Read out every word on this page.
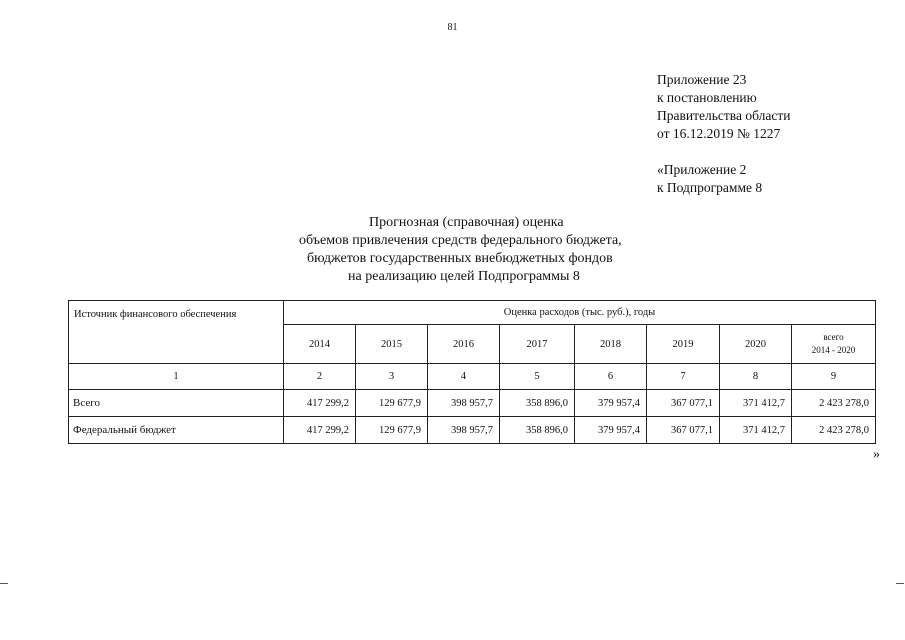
81
Приложение 23
к постановлению
Правительства области
от 16.12.2019 № 1227
«Приложение 2
к Подпрограмме 8
Прогнозная (справочная) оценка
объемов привлечения средств федерального бюджета,
бюджетов государственных внебюджетных фондов
на реализацию целей Подпрограммы 8
Источник финансового обеспечения	Оценка расходов (тыс. руб.), годы							
	2014	2015	2016	2017	2018	2019	2020	всего
2014 - 2020

1	2	3	4	5	6	7	8	9
Всего	417 299,2	129 677,9	398 957,7	358 896,0	379 957,4	367 077,1	371 412,7	2 423 278,0
Федеральный бюджет	417 299,2	129 677,9	398 957,7	358 896,0	379 957,4	367 077,1	371 412,7	2 423 278,0
»
